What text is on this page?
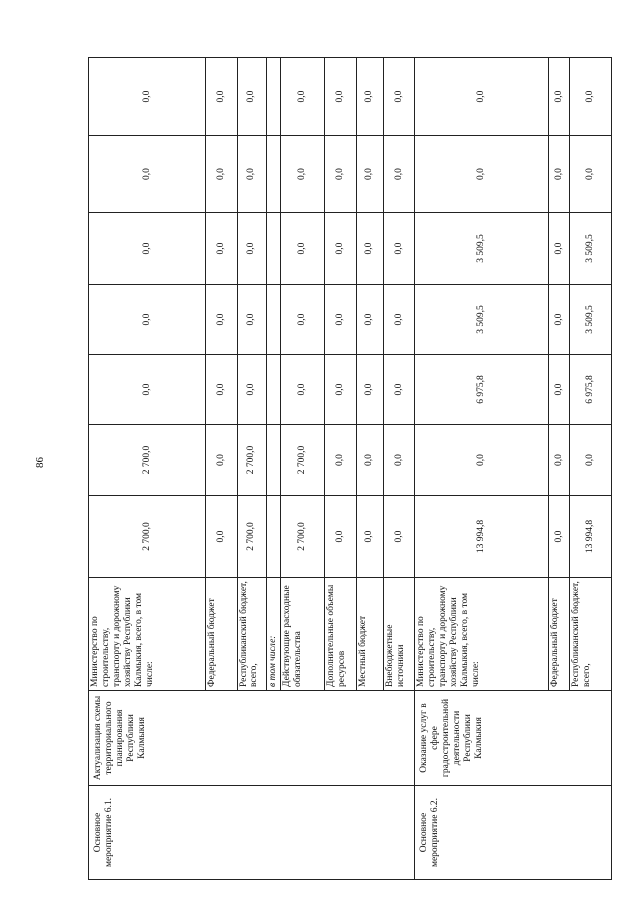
86
Основное мероприятие 6.1.	Актуализация схемы территориального планирования Республики Калмыкия	Министерство по строительству, транспорту и дорожному хозяйству Республики Калмыкия, всего, в том числе:	2 700,0	2 700,0	0,0	0,0	0,0	0,0	0,0
		Федеральный бюджет	0,0	0,0	0,0	0,0	0,0	0,0	0,0
		Республиканский бюджет, всего,	2 700,0	2 700,0	0,0	0,0	0,0	0,0	0,0
		в том числе:							
		Действующие расходные обязательства	2 700,0	2 700,0	0,0	0,0	0,0	0,0	0,0
		Дополнительные объемы ресурсов	0,0	0,0	0,0	0,0	0,0	0,0	0,0
		Местный бюджет	0,0	0,0	0,0	0,0	0,0	0,0	0,0
		Внебюджетные источники	0,0	0,0	0,0	0,0	0,0	0,0	0,0
Основное мероприятие 6.2.	Оказание услуг в сфере градостроительной деятельности Республики Калмыкия	Министерство по строительству, транспорту и дорожному хозяйству Республики Калмыкия, всего, в том числе:	13 994,8	0,0	6 975,8	3 509,5	3 509,5	0,0	0,0
		Федеральный бюджет	0,0	0,0	0,0	0,0	0,0	0,0	0,0
		Республиканский бюджет, всего,	13 994,8	0,0	6 975,8	3 509,5	3 509,5	0,0	0,0
